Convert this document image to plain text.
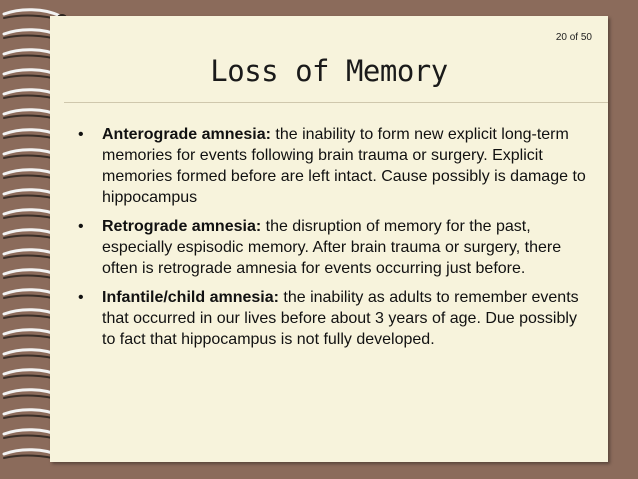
20 of 50
Loss of Memory
• Anterograde amnesia: the inability to form new explicit long-term memories for events following brain trauma or surgery. Explicit memories formed before are left intact. Cause possibly is damage to hippocampus
• Retrograde amnesia: the disruption of memory for the past, especially espisodic memory. After brain trauma or surgery, there often is retrograde amnesia for events occurring just before.
• Infantile/child amnesia: the inability as adults to remember events that occurred in our lives before about 3 years of age. Due possibly to fact that hippocampus is not fully developed.
